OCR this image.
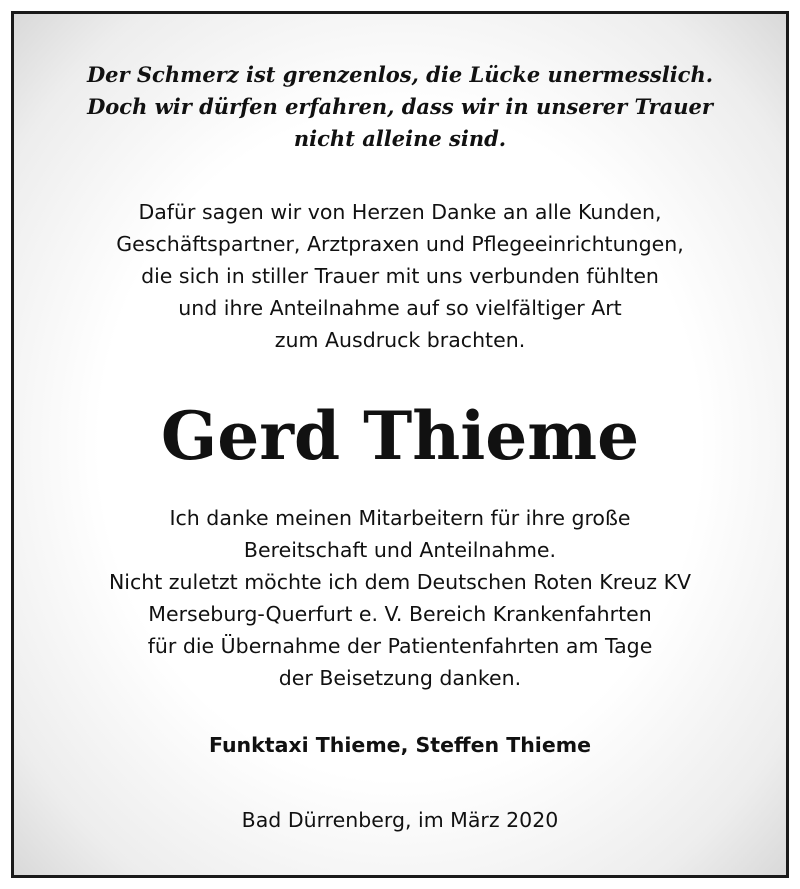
Der Schmerz ist grenzenlos, die Lücke unermesslich.
Doch wir dürfen erfahren, dass wir in unserer Trauer
nicht alleine sind.
Dafür sagen wir von Herzen Danke an alle Kunden,
Geschäftspartner, Arztpraxen und Pflegeeinrichtungen,
die sich in stiller Trauer mit uns verbunden fühlten
und ihre Anteilnahme auf so vielfältiger Art
zum Ausdruck brachten.
Gerd Thieme
Ich danke meinen Mitarbeitern für ihre große
Bereitschaft und Anteilnahme.
Nicht zuletzt möchte ich dem Deutschen Roten Kreuz KV
Merseburg-Querfurt e. V. Bereich Krankenfahrten
für die Übernahme der Patientenfahrten am Tage
der Beisetzung danken.
Funktaxi Thieme, Steffen Thieme
Bad Dürrenberg, im März 2020
